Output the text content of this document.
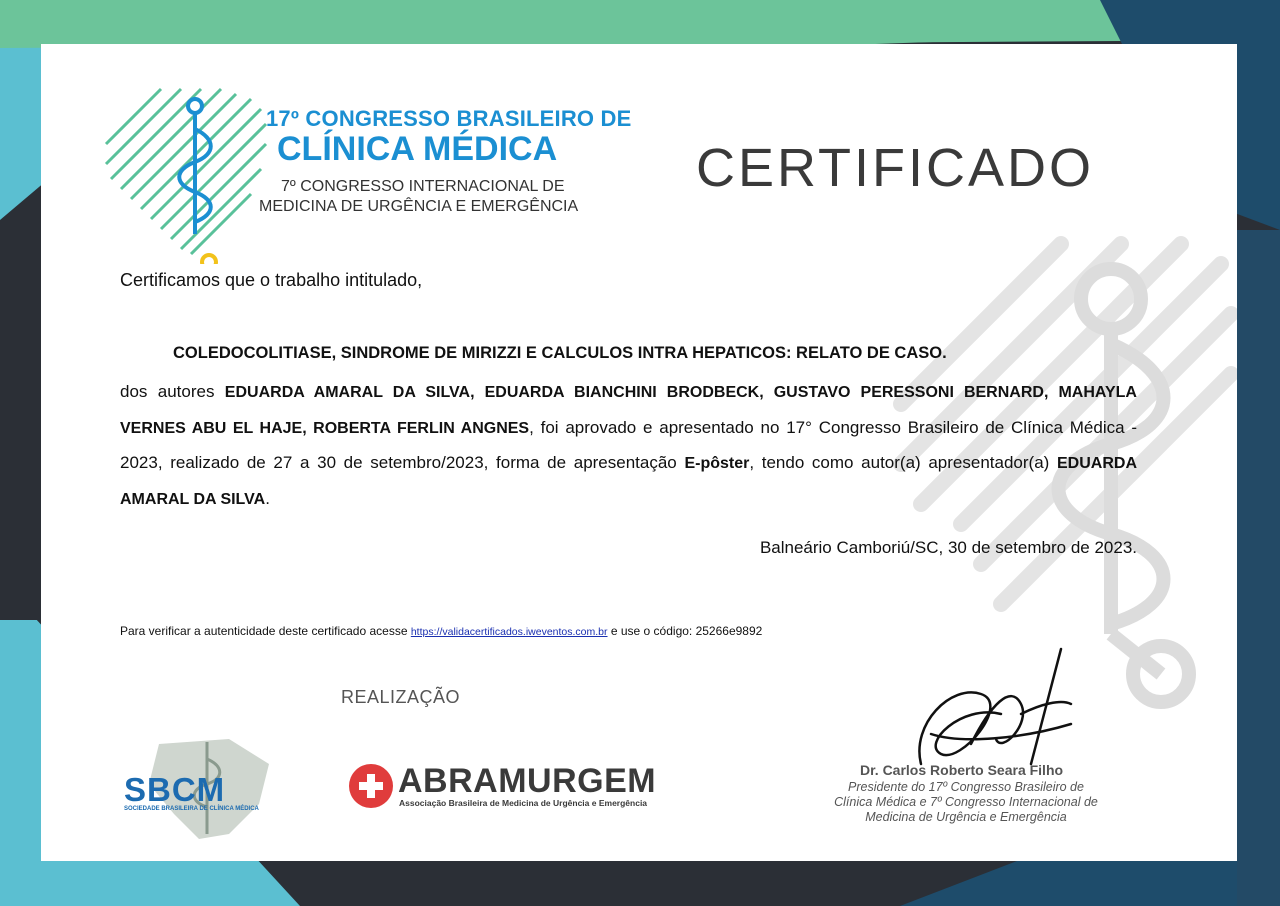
17º CONGRESSO BRASILEIRO DE
CLÍNICA MÉDICA
7º CONGRESSO INTERNACIONAL DE
MEDICINA DE URGÊNCIA E EMERGÊNCIA
CERTIFICADO
Certificamos que o trabalho intitulado,
COLEDOCOLITIASE, SINDROME DE MIRIZZI E CALCULOS INTRA HEPATICOS: RELATO DE CASO.
dos autores EDUARDA AMARAL DA SILVA, EDUARDA BIANCHINI BRODBECK, GUSTAVO PERESSONI BERNARD, MAHAYLA VERNES ABU EL HAJE, ROBERTA FERLIN ANGNES, foi aprovado e apresentado no 17° Congresso Brasileiro de Clínica Médica - 2023, realizado de 27 a 30 de setembro/2023, forma de apresentação E-pôster, tendo como autor(a) apresentador(a) EDUARDA AMARAL DA SILVA.
Balneário Camboriú/SC, 30 de setembro de 2023.
Para verificar a autenticidade deste certificado acesse https://validacertificados.iweventos.com.br e use o código: 25266e9892
REALIZAÇÃO
SBCM
SOCIEDADE BRASILEIRA DE CLÍNICA MÉDICA
ABRAMURGEM
Associação Brasileira de Medicina de Urgência e Emergência
Dr. Carlos Roberto Seara Filho
Presidente do 17º Congresso Brasileiro de Clínica Médica e 7º Congresso Internacional de Medicina de Urgência e Emergência
